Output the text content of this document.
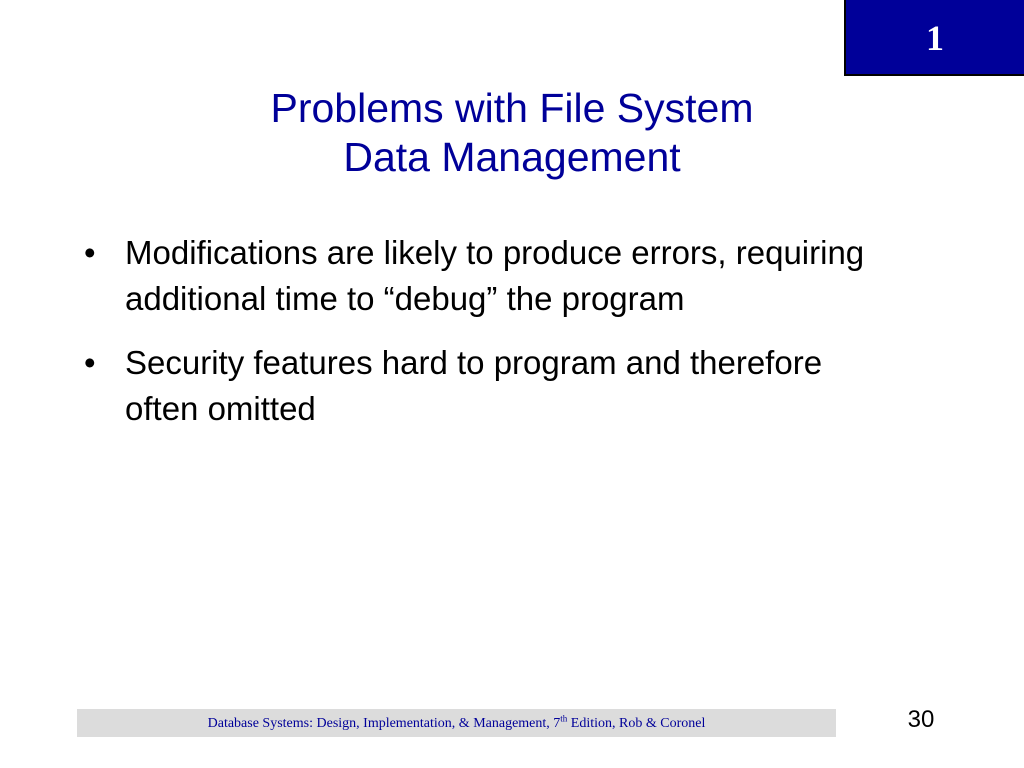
1
Problems with File System
Data Management
• Modifications are likely to produce errors, requiring additional time to “debug” the program
• Security features hard to program and therefore often omitted
Database Systems: Design, Implementation, & Management, 7th Edition, Rob & Coronel	30
